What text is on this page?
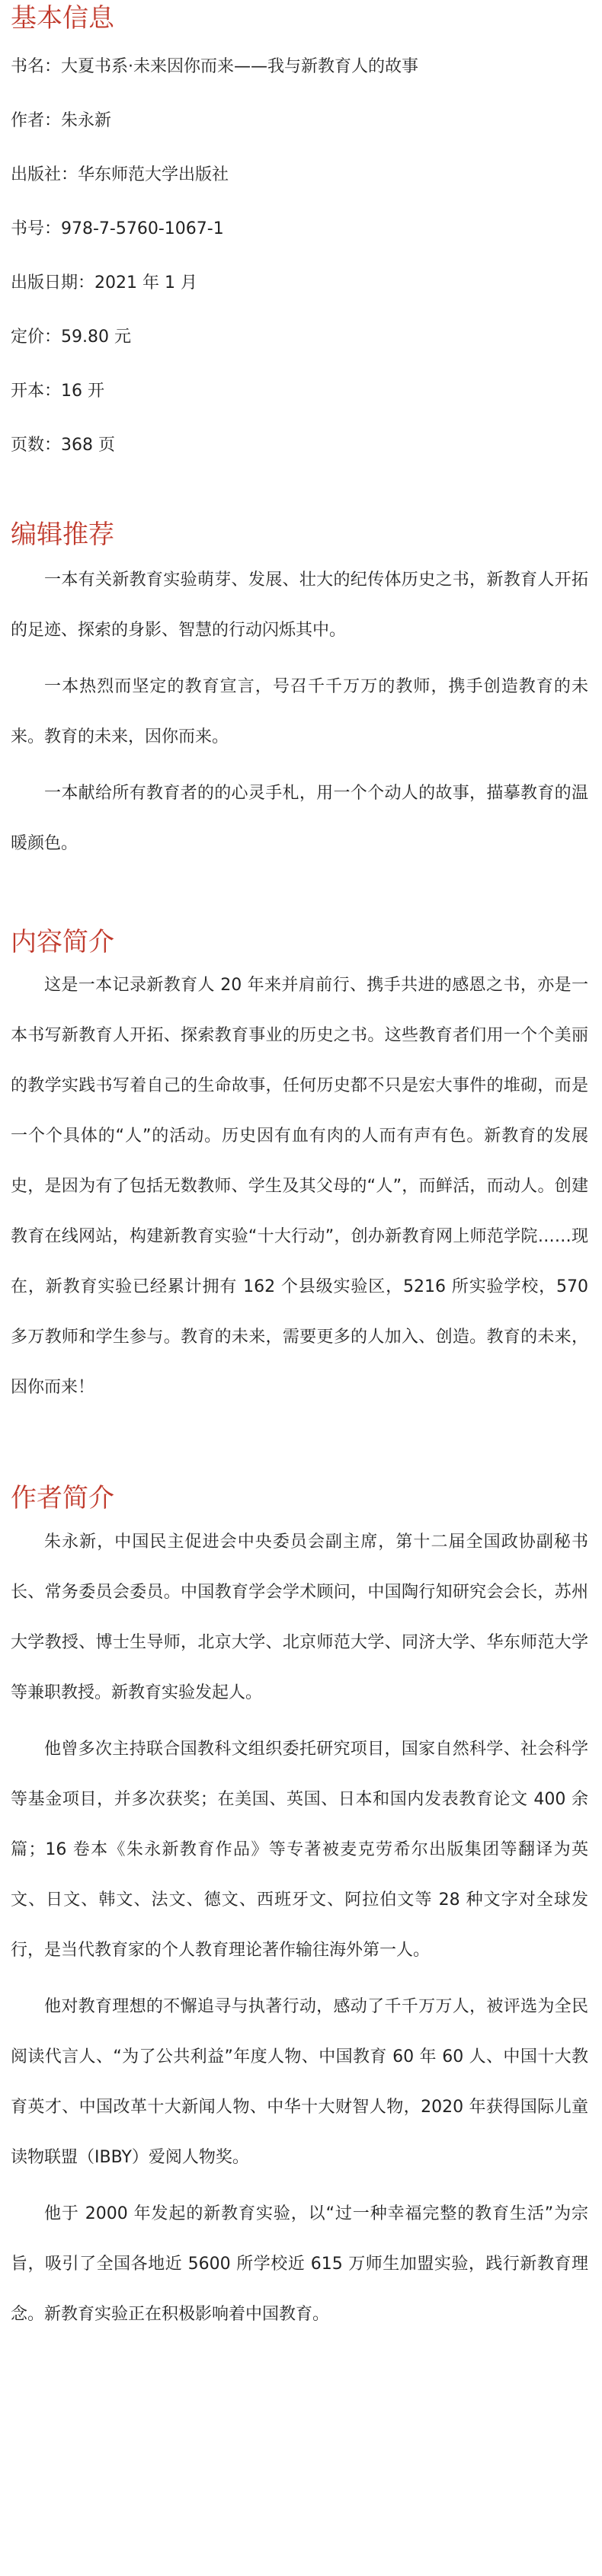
基本信息

书名：大夏书系·未来因你而来——我与新教育人的故事

作者：朱永新

出版社：华东师范大学出版社

书号：978-7-5760-1067-1

出版日期：2021 年 1 月

定价：59.80 元

开本：16 开

页数：368 页

编辑推荐

一本有关新教育实验萌芽、发展、壮大的纪传体历史之书，新教育人开拓的足迹、探索的身影、智慧的行动闪烁其中。

一本热烈而坚定的教育宣言，号召千千万万的教师，携手创造教育的未来。教育的未来，因你而来。

一本献给所有教育者的的心灵手札，用一个个动人的故事，描摹教育的温暖颜色。

内容简介

这是一本记录新教育人 20 年来并肩前行、携手共进的感恩之书，亦是一本书写新教育人开拓、探索教育事业的历史之书。这些教育者们用一个个美丽的教学实践书写着自己的生命故事，任何历史都不只是宏大事件的堆砌，而是一个个具体的“人”的活动。历史因有血有肉的人而有声有色。新教育的发展史，是因为有了包括无数教师、学生及其父母的“人”，而鲜活，而动人。创建教育在线网站，构建新教育实验“十大行动”，创办新教育网上师范学院……现在，新教育实验已经累计拥有 162 个县级实验区，5216 所实验学校，570 多万教师和学生参与。教育的未来，需要更多的人加入、创造。教育的未来，因你而来！

作者简介

朱永新，中国民主促进会中央委员会副主席，第十二届全国政协副秘书长、常务委员会委员。中国教育学会学术顾问，中国陶行知研究会会长，苏州大学教授、博士生导师，北京大学、北京师范大学、同济大学、华东师范大学等兼职教授。新教育实验发起人。

他曾多次主持联合国教科文组织委托研究项目，国家自然科学、社会科学等基金项目，并多次获奖；在美国、英国、日本和国内发表教育论文 400 余篇；16 卷本《朱永新教育作品》等专著被麦克劳希尔出版集团等翻译为英文、日文、韩文、法文、德文、西班牙文、阿拉伯文等 28 种文字对全球发行，是当代教育家的个人教育理论著作输往海外第一人。

他对教育理想的不懈追寻与执著行动，感动了千千万万人，被评选为全民阅读代言人、“为了公共利益”年度人物、中国教育 60 年 60 人、中国十大教育英才、中国改革十大新闻人物、中华十大财智人物，2020 年获得国际儿童读物联盟（IBBY）爱阅人物奖。

他于 2000 年发起的新教育实验，以“过一种幸福完整的教育生活”为宗旨，吸引了全国各地近 5600 所学校近 615 万师生加盟实验，践行新教育理念。新教育实验正在积极影响着中国教育。
